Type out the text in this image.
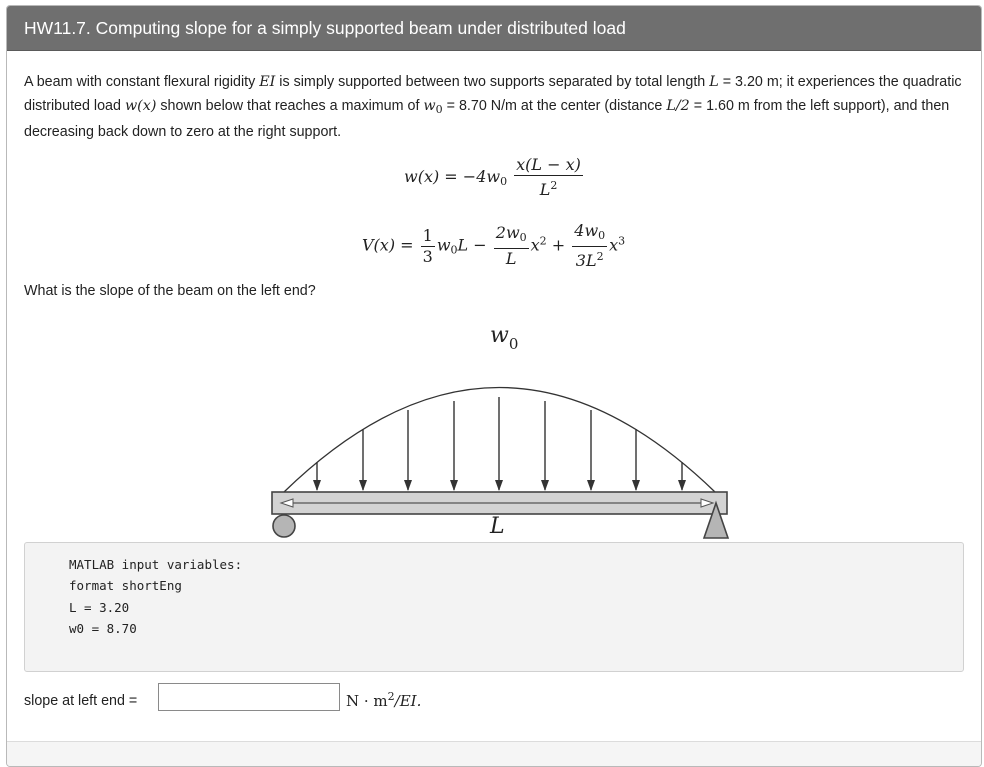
HW11.7. Computing slope for a simply supported beam under distributed load
A beam with constant flexural rigidity EI is simply supported between two supports separated by total length L = 3.20 m; it experiences the quadratic distributed load w(x) shown below that reaches a maximum of $w_0 = 8.70$ N/m at the center (distance L/2 = 1.60 m from the left support), and then decreasing back down to zero at the right support.
$w(x) = -4w_0 \frac{x(L - x)}{L^2}$
$V(x) = \frac{1}{3} w_0L - \frac{2w_0}{L} x^2 + \frac{4w_0}{3L^2} x^3$
What is the slope of the beam on the left end?
$w_0$
L
MATLAB input variables:
format shortEng
L = 3.20
w0 = 8.70
slope at left end =	$N \cdot m^2/EI$.
